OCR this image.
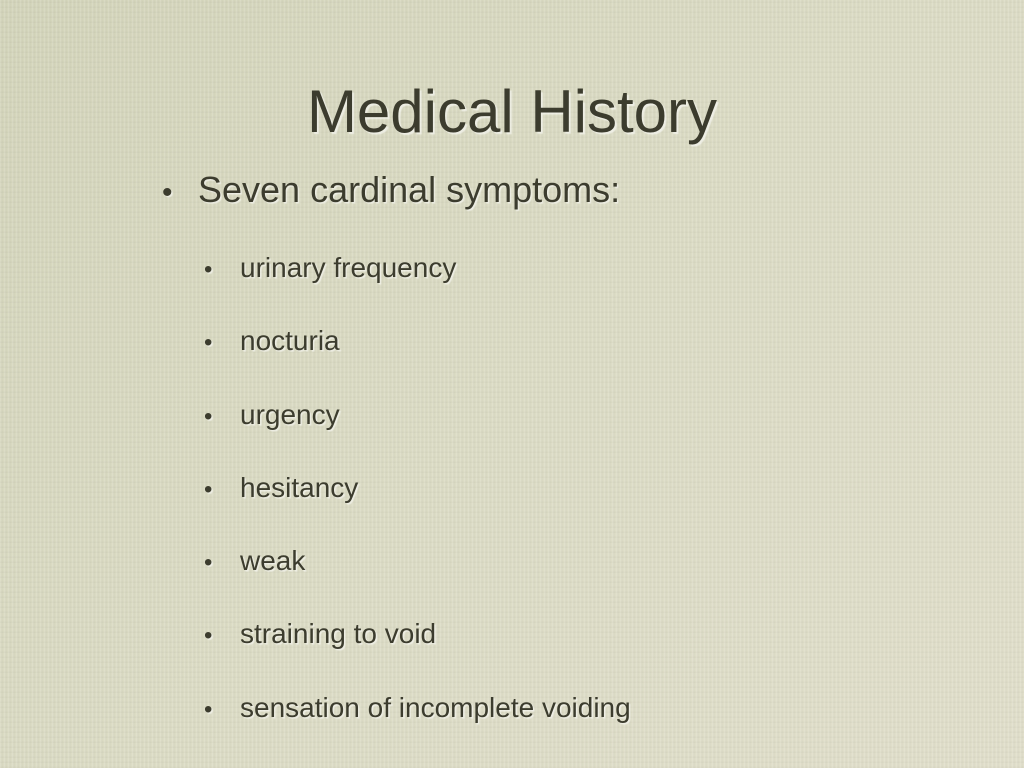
Medical History
• Seven cardinal symptoms:
• urinary frequency
• nocturia
• urgency
• hesitancy
• weak
• straining to void
• sensation of incomplete voiding
